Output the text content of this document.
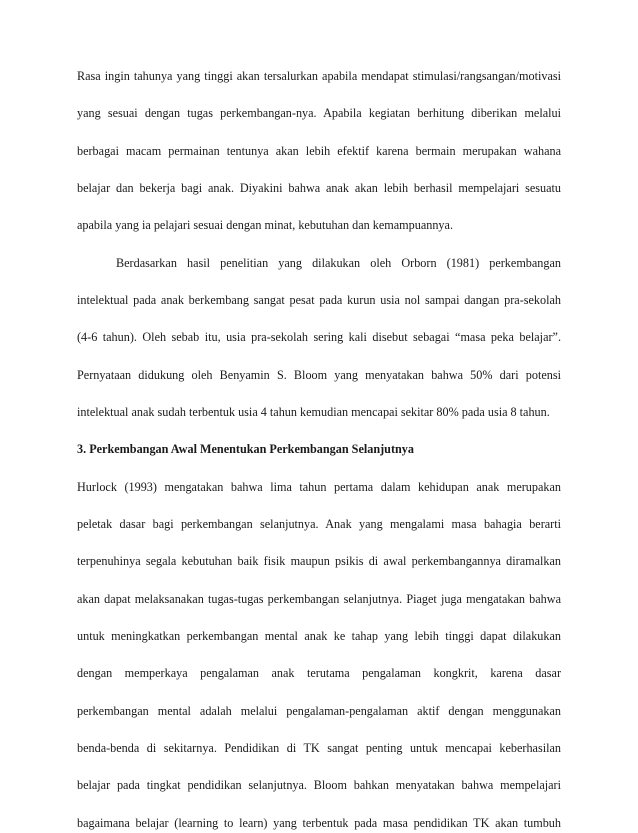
Rasa ingin tahunya yang tinggi akan tersalurkan apabila mendapat stimulasi/rangsangan/motivasi
yang sesuai dengan tugas perkembangan-nya. Apabila kegiatan berhitung diberikan melalui
berbagai macam permainan tentunya akan lebih efektif karena bermain merupakan wahana
belajar dan bekerja bagi anak. Diyakini bahwa anak akan lebih berhasil mempelajari sesuatu
apabila yang ia pelajari sesuai dengan minat, kebutuhan dan kemampuannya.
Berdasarkan hasil penelitian yang dilakukan oleh Orborn (1981) perkembangan
intelektual pada anak berkembang sangat pesat pada kurun usia nol sampai dangan pra-sekolah
(4-6 tahun). Oleh sebab itu, usia pra-sekolah sering kali disebut sebagai “masa peka belajar”.
Pernyataan didukung oleh Benyamin S. Bloom yang menyatakan bahwa 50% dari potensi
intelektual anak sudah terbentuk usia 4 tahun kemudian mencapai sekitar 80% pada usia 8 tahun.
3. Perkembangan Awal Menentukan Perkembangan Selanjutnya
Hurlock (1993) mengatakan bahwa lima tahun pertama dalam kehidupan anak merupakan
peletak dasar bagi perkembangan selanjutnya. Anak yang mengalami masa bahagia berarti
terpenuhinya segala kebutuhan baik fisik maupun psikis di awal perkembangannya diramalkan
akan dapat melaksanakan tugas-tugas perkembangan selanjutnya. Piaget juga mengatakan bahwa
untuk meningkatkan perkembangan mental anak ke tahap yang lebih tinggi dapat dilakukan
dengan memperkaya pengalaman anak terutama pengalaman kongkrit, karena dasar
perkembangan mental adalah melalui pengalaman-pengalaman aktif dengan menggunakan
benda-benda di sekitarnya. Pendidikan di TK sangat penting untuk mencapai keberhasilan
belajar pada tingkat pendidikan selanjutnya. Bloom bahkan menyatakan bahwa mempelajari
bagaimana belajar (learning to learn) yang terbentuk pada masa pendidikan TK akan tumbuh
